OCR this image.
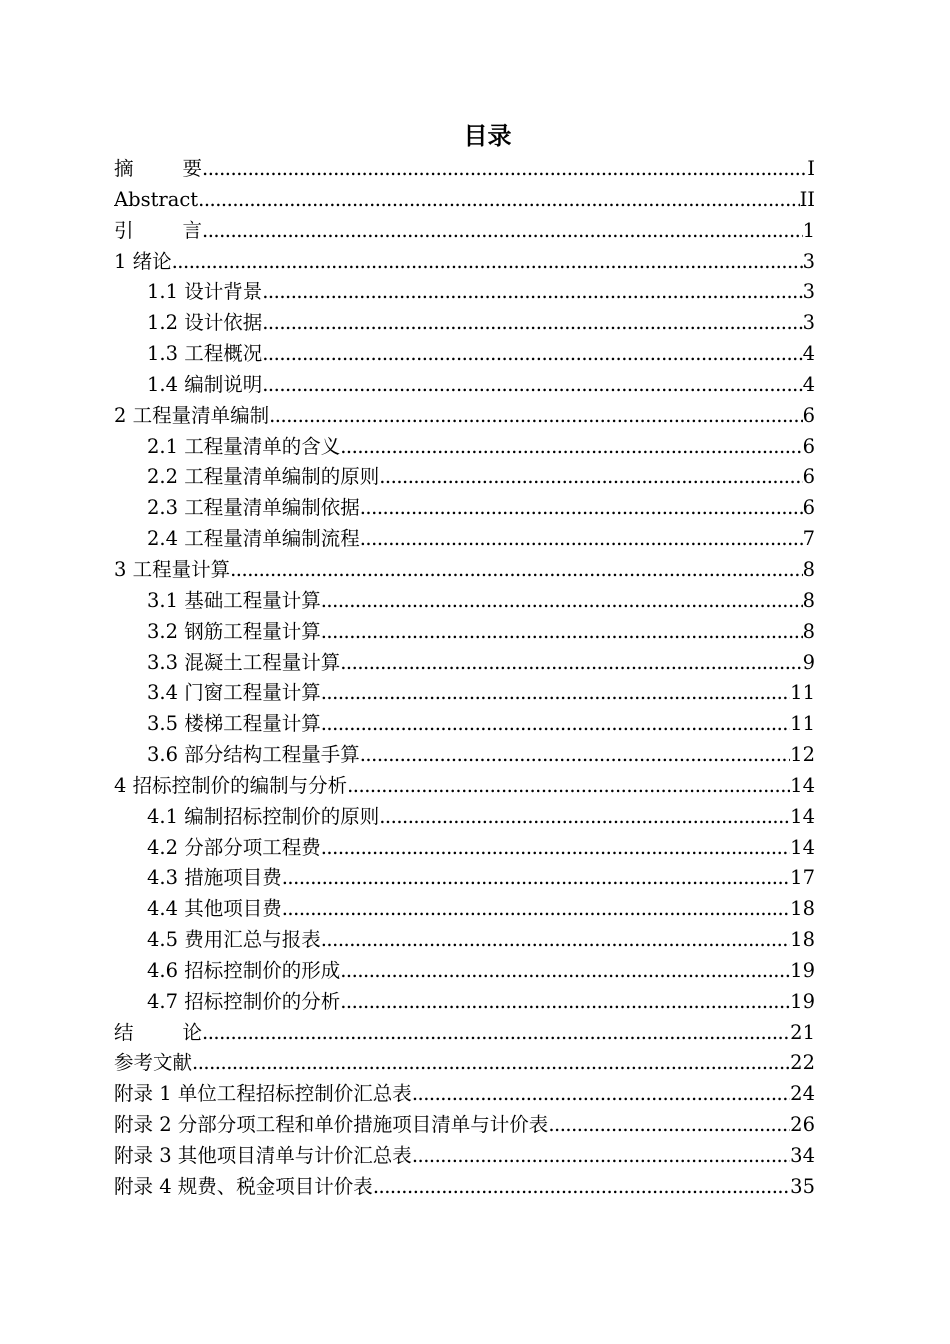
目录
摘	要 .....	I
Abstract .....	II
引	言 .....	1
1 绪论 .....	3
1.1 设计背景 .....	3
1.2 设计依据 .....	3
1.3 工程概况 .....	4
1.4 编制说明 .....	4
2 工程量清单编制 .....	6
2.1 工程量清单的含义 .....	6
2.2 工程量清单编制的原则 .....	6
2.3 工程量清单编制依据 .....	6
2.4 工程量清单编制流程 .....	7
3 工程量计算 .....	8
3.1 基础工程量计算 .....	8
3.2 钢筋工程量计算 .....	8
3.3 混凝土工程量计算 .....	9
3.4 门窗工程量计算 .....	11
3.5 楼梯工程量计算 .....	11
3.6 部分结构工程量手算 .....	12
4 招标控制价的编制与分析 .....	14
4.1 编制招标控制价的原则 .....	14
4.2 分部分项工程费 .....	14
4.3 措施项目费 .....	17
4.4 其他项目费 .....	18
4.5 费用汇总与报表 .....	18
4.6 招标控制价的形成 .....	19
4.7 招标控制价的分析 .....	19
结	论 .....	21
参考文献 .....	22
附录 1 单位工程招标控制价汇总表 .....	24
附录 2 分部分项工程和单价措施项目清单与计价表 .....	26
附录 3 其他项目清单与计价汇总表 .....	34
附录 4 规费、税金项目计价表 .....	35
